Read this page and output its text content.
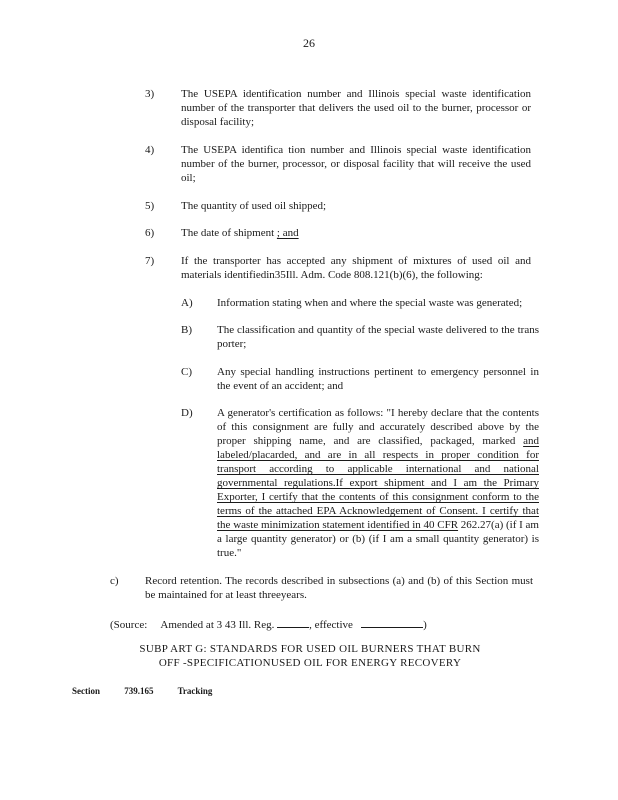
26
3)	The USEPA identification number and Illinois special waste identification number of the transporter that delivers the used oil to the burner, processor or disposal facility;
4)	The USEPA identifica tion number and Illinois special waste identification number of the burner, processor, or disposal facility that will receive the used oil;
5)	The quantity of used oil shipped;
6)	The date of shipment ; and
7)	If the transporter has accepted any shipment of mixtures of used oil and materials identifiedin35Ill. Adm. Code 808.121(b)(6), the following:
A)	Information stating when and where the special waste was generated;
B)	The classification and quantity of the special waste delivered to the trans porter;
C)	Any special handling instructions pertinent to emergency personnel in the event of an accident; and
D)	A generator's certification as follows: "I hereby declare that the contents of this consignment are fully and accurately described above by the proper shipping name, and are classified, packaged, marked and labeled/placarded, and are in all respects in proper condition for transport according to applicable international and national governmental regulations.If export shipment and I am the Primary Exporter, I certify that the contents of this consignment conform to the terms of the attached EPA Acknowledgement of Consent. I certify that the waste minimization statement identified in 40 CFR 262.27(a) (if I am a large quantity generator) or (b) (if I am a small quantity generator) is true."
c)	Record retention. The records described in subsections (a) and (b) of this Section must be maintained for at least threeyears.
(Source: Amended at 3 43 Ill. Reg.	, effective	)
SUBP ART G: STANDARDS FOR USED OIL BURNERS THAT BURN
OFF -SPECIFICATIONUSED OIL FOR ENERGY RECOVERY
Section	739.165	Tracking
